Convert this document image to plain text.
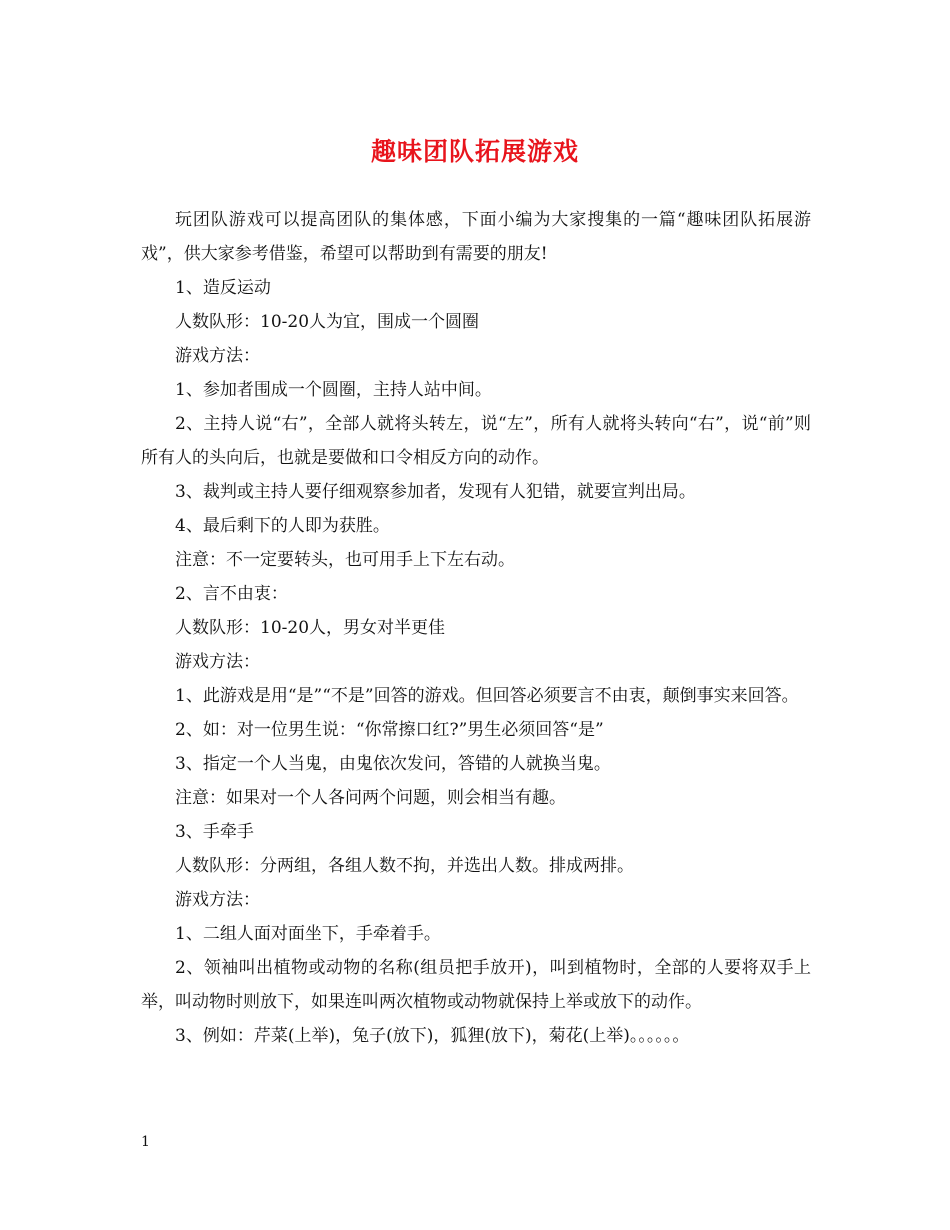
趣味团队拓展游戏

玩团队游戏可以提高团队的集体感，下面小编为大家搜集的一篇“趣味团队拓展游戏”，供大家参考借鉴，希望可以帮助到有需要的朋友!

1、造反运动

人数队形：10-20人为宜，围成一个圆圈

游戏方法：

1、参加者围成一个圆圈，主持人站中间。

2、主持人说“右”，全部人就将头转左，说“左”，所有人就将头转向“右”，说“前”则所有人的头向后，也就是要做和口令相反方向的动作。

3、裁判或主持人要仔细观察参加者，发现有人犯错，就要宣判出局。

4、最后剩下的人即为获胜。

注意：不一定要转头，也可用手上下左右动。

2、言不由衷：

人数队形：10-20人，男女对半更佳

游戏方法：

1、此游戏是用“是”“不是”回答的游戏。但回答必须要言不由衷，颠倒事实来回答。

2、如：对一位男生说：“你常擦口红?”男生必须回答“是”

3、指定一个人当鬼，由鬼依次发问，答错的人就换当鬼。

注意：如果对一个人各问两个问题，则会相当有趣。

3、手牵手

人数队形：分两组，各组人数不拘，并选出人数。排成两排。

游戏方法：

1、二组人面对面坐下，手牵着手。

2、领袖叫出植物或动物的名称(组员把手放开)，叫到植物时，全部的人要将双手上举，叫动物时则放下，如果连叫两次植物或动物就保持上举或放下的动作。

3、例如：芹菜(上举)，兔子(放下)，狐狸(放下)，菊花(上举)。。。。。。

1
